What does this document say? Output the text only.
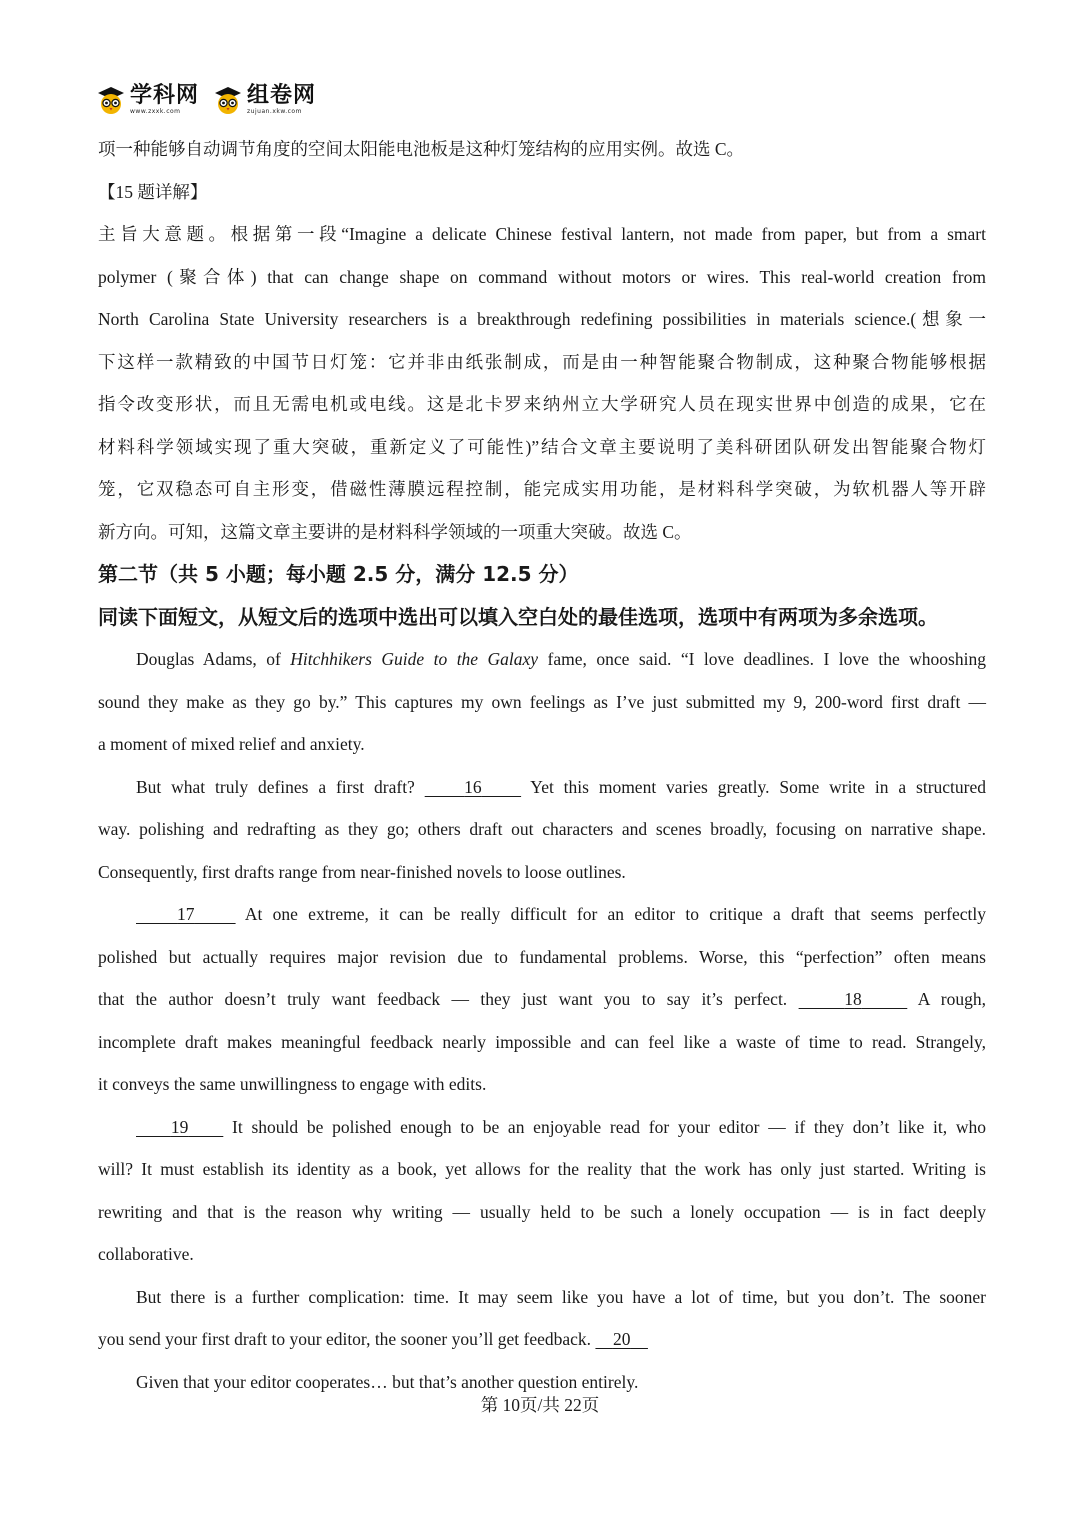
学科网
www.zxxk.com
组卷网
zujuan.xkw.com

项一种能够自动调节角度的空间太阳能电池板是这种灯笼结构的应用实例。故选 C。

【15 题详解】

主旨大意题。根据第一段“Imagine a delicate Chinese festival lantern, not made from paper, but from a smart

polymer (聚合体) that can change shape on command without motors or wires. This real-world creation from

North Carolina State University researchers is a breakthrough redefining possibilities in materials science.(想象一

下这样一款精致的中国节日灯笼：它并非由纸张制成，而是由一种智能聚合物制成，这种聚合物能够根据

指令改变形状，而且无需电机或电线。这是北卡罗来纳州立大学研究人员在现实世界中创造的成果，它在

材料科学领域实现了重大突破，重新定义了可能性)”结合文章主要说明了美科研团队研发出智能聚合物灯

笼，它双稳态可自主形变，借磁性薄膜远程控制，能完成实用功能，是材料科学突破，为软机器人等开辟

新方向。可知，这篇文章主要讲的是材料科学领域的一项重大突破。故选 C。

第二节（共 5 小题；每小题 2.5 分，满分 12.5 分）

同读下面短文，从短文后的选项中选出可以填入空白处的最佳选项，选项中有两项为多余选项。

Douglas Adams, of Hitchhikers Guide to the Galaxy fame, once said. “I love deadlines. I love the whooshing

sound they make as they go by.” This captures my own feelings as I’ve just submitted my 9, 200-word first draft —

a moment of mixed relief and anxiety.

But what truly defines a first draft?     16     Yet this moment varies greatly. Some write in a structured

way. polishing and redrafting as they go; others draft out characters and scenes broadly, focusing on narrative shape.

Consequently, first drafts range from near-finished novels to loose outlines.

17     At one extreme, it can be really difficult for an editor to critique a draft that seems perfectly

polished but actually requires major revision due to fundamental problems. Worse, this “perfection” often means

that the author doesn’t truly want feedback — they just want you to say it’s perfect.	18	A rough,

incomplete draft makes meaningful feedback nearly impossible and can feel like a waste of time to read. Strangely,

it conveys the same unwillingness to engage with edits.

19     It should be polished enough to be an enjoyable read for your editor — if they don’t like it, who

will? It must establish its identity as a book, yet allows for the reality that the work has only just started. Writing is

rewriting and that is the reason why writing — usually held to be such a lonely occupation — is in fact deeply

collaborative.

But there is a further complication: time. It may seem like you have a lot of time, but you don’t. The sooner

you send your first draft to your editor, the sooner you’ll get feedback.     20

Given that your editor cooperates… but that’s another question entirely.

第 10页/共 22页
